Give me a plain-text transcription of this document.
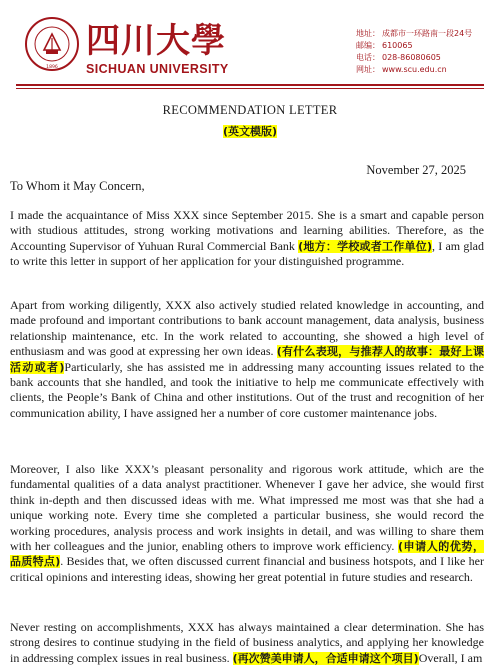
1896
四川大學
SICHUAN UNIVERSITY
地址： 成都市一环路南一段24号
邮编： 610065
电话： 028-86080605
网址： www.scu.edu.cn
RECOMMENDATION LETTER
(英文模版)
November 27, 2025
To Whom it May Concern,
I made the acquaintance of Miss XXX since September 2015. She is a smart and capable person with studious attitudes, strong working motivations and learning abilities. Therefore, as the Accounting Supervisor of Yuhuan Rural Commercial Bank (地方：学校或者工作单位), I am glad to write this letter in support of her application for your distinguished programme.
Apart from working diligently, XXX also actively studied related knowledge in accounting, and made profound and important contributions to bank account management, data analysis, business relationship maintenance, etc. In the work related to accounting, she showed a high level of enthusiasm and was good at expressing her own ideas. (有什么表现，与推荐人的故事：最好上课活动或者)Particularly, she has assisted me in addressing many accounting issues related to the bank accounts that she handled, and took the initiative to help me communicate effectively with clients, the People’s Bank of China and other institutions. Out of the trust and recognition of her communication ability, I have assigned her a number of core customer maintenance jobs.
Moreover, I also like XXX’s pleasant personality and rigorous work attitude, which are the fundamental qualities of a data analyst practitioner. Whenever I gave her advice, she would first think in-depth and then discussed ideas with me. What impressed me most was that she had a unique working note. Every time she completed a particular business, she would record the working procedures, analysis process and work insights in detail, and was willing to share them with her colleagues and the junior, enabling others to improve work efficiency. (申请人的优势，品质特点). Besides that, we often discussed current financial and business hotspots, and I like her critical opinions and interesting ideas, showing her great potential in future studies and research.
Never resting on accomplishments, XXX has always maintained a clear determination. She has strong desires to continue studying in the field of business analytics, and applying her knowledge in addressing complex issues in real business. (再次赞美申请人，合适申请这个项目)Overall, I am
